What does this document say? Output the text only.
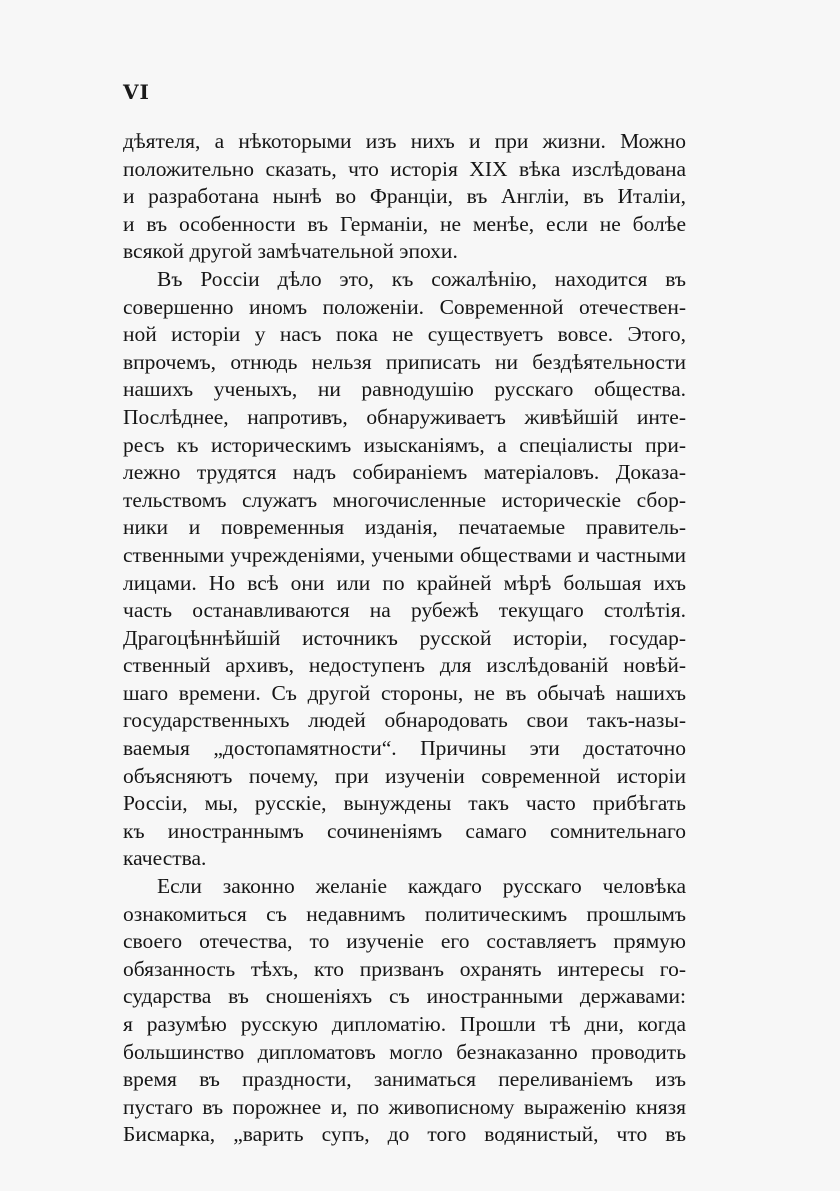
VI
дѣятеля, а нѣкоторыми изъ нихъ и при жизни. Можно
положительно сказать, что исторія XIX вѣка изслѣдована
и разработана нынѣ во Франціи, въ Англіи, въ Италіи,
и въ особенности въ Германіи, не менѣе, если не болѣе
всякой другой замѣчательной эпохи.
Въ Россіи дѣло это, къ сожалѣнію, находится въ
совершенно иномъ положеніи. Современной отечествен-
ной исторіи у насъ пока не существуетъ вовсе. Этого,
впрочемъ, отнюдь нельзя приписать ни бездѣятельности
нашихъ ученыхъ, ни равнодушію русскаго общества.
Послѣднее, напротивъ, обнаруживаетъ живѣйшій инте-
ресъ къ историческимъ изысканіямъ, а спеціалисты при-
лежно трудятся надъ собираніемъ матеріаловъ. Доказа-
тельствомъ служатъ многочисленные историческіе сбор-
ники и повременныя изданія, печатаемые правитель-
ственными учрежденіями, учеными обществами и частными
лицами. Но всѣ они или по крайней мѣрѣ большая ихъ
часть останавливаются на рубежѣ текущаго столѣтія.
Драгоцѣннѣйшій источникъ русской исторіи, государ-
ственный архивъ, недоступенъ для изслѣдованій новѣй-
шаго времени. Съ другой стороны, не въ обычаѣ нашихъ
государственныхъ людей обнародовать свои такъ-назы-
ваемыя „достопамятности“. Причины эти достаточно
объясняютъ почему, при изученіи современной исторіи
Россіи, мы, русскіе, вынуждены такъ часто прибѣгать
къ иностраннымъ сочиненіямъ самаго сомнительнаго
качества.
Если законно желаніе каждаго русскаго человѣка
ознакомиться съ недавнимъ политическимъ прошлымъ
своего отечества, то изученіе его составляетъ прямую
обязанность тѣхъ, кто призванъ охранять интересы го-
сударства въ сношеніяхъ съ иностранными державами:
я разумѣю русскую дипломатію. Прошли тѣ дни, когда
большинство дипломатовъ могло безнаказанно проводить
время въ праздности, заниматься переливаніемъ изъ
пустаго въ порожнее и, по живописному выраженію князя
Бисмарка, „варить супъ, до того водянистый, что въ
